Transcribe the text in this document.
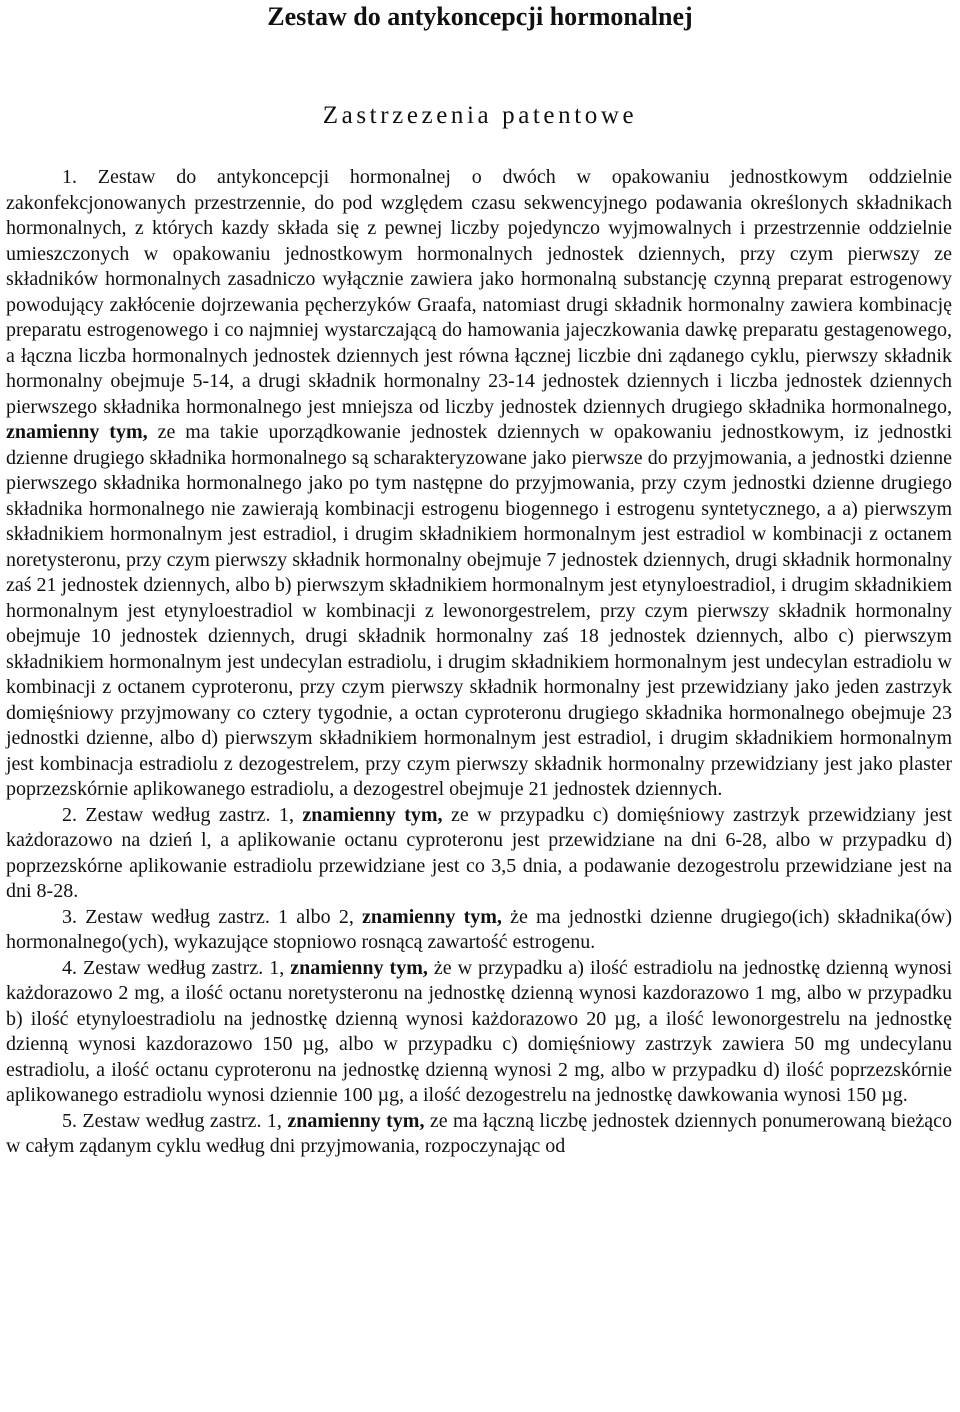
Zestaw do antykoncepcji hormonalnej
Zastrzezenia patentowe

1. Zestaw do antykoncepcji hormonalnej o dwóch w opakowaniu jednostkowym oddzielnie zakonfekcjonowanych przestrzennie, do pod względem czasu sekwencyjnego podawania określonych składnikach hormonalnych, z których kazdy składa się z pewnej liczby pojedynczo wyjmowalnych i przestrzennie oddzielnie umieszczonych w opakowaniu jednostkowym hormonalnych jednostek dziennych, przy czym pierwszy ze składników hormonalnych zasadniczo wyłącznie zawiera jako hormonalną substancję czynną preparat estrogenowy powodujący zakłócenie dojrzewania pęcherzyków Graafa, natomiast drugi składnik hormonalny zawiera kombinację preparatu estrogenowego i co najmniej wystarczającą do hamowania jajeczkowania dawkę preparatu gestagenowego, a łączna liczba hormonalnych jednostek dziennych jest równa łącznej liczbie dni ządanego cyklu, pierwszy składnik hormonalny obejmuje 5-14, a drugi składnik hormonalny 23-14 jednostek dziennych i liczba jednostek dziennych pierwszego składnika hormonalnego jest mniejsza od liczby jednostek dziennych drugiego składnika hormonalnego, znamienny tym, ze ma takie uporządkowanie jednostek dziennych w opakowaniu jednostkowym, iz jednostki dzienne drugiego składnika hormonalnego są scharakteryzowane jako pierwsze do przyjmowania, a jednostki dzienne pierwszego składnika hormonalnego jako po tym następne do przyjmowania, przy czym jednostki dzienne drugiego składnika hormonalnego nie zawierają kombinacji estrogenu biogennego i estrogenu syntetycznego, a a) pierwszym składnikiem hormonalnym jest estradiol, i drugim składnikiem hormonalnym jest estradiol w kombinacji z octanem noretysteronu, przy czym pierwszy składnik hormonalny obejmuje 7 jednostek dziennych, drugi składnik hormonalny zaś 21 jednostek dziennych, albo b) pierwszym składnikiem hormonalnym jest etynyloestradiol, i drugim składnikiem hormonalnym jest etynyloestradiol w kombinacji z lewonorgestrelem, przy czym pierwszy składnik hormonalny obejmuje 10 jednostek dziennych, drugi składnik hormonalny zaś 18 jednostek dziennych, albo c) pierwszym składnikiem hormonalnym jest undecylan estradiolu, i drugim składnikiem hormonalnym jest undecylan estradiolu w kombinacji z octanem cyproteronu, przy czym pierwszy składnik hormonalny jest przewidziany jako jeden zastrzyk domięśniowy przyjmowany co cztery tygodnie, a octan cyproteronu drugiego składnika hormonalnego obejmuje 23 jednostki dzienne, albo d) pierwszym składnikiem hormonalnym jest estradiol, i drugim składnikiem hormonalnym jest kombinacja estradiolu z dezogestrelem, przy czym pierwszy składnik hormonalny przewidziany jest jako plaster poprzezskórnie aplikowanego estradiolu, a dezogestrel obejmuje 21 jednostek dziennych.

2. Zestaw według zastrz. 1, znamienny tym, ze w przypadku c) domięśniowy zastrzyk przewidziany jest każdorazowo na dzień l, a aplikowanie octanu cyproteronu jest przewidziane na dni 6-28, albo w przypadku d) poprzezskórne aplikowanie estradiolu przewidziane jest co 3,5 dnia, a podawanie dezogestrolu przewidziane jest na dni 8-28.

3. Zestaw według zastrz. 1 albo 2, znamienny tym, że ma jednostki dzienne drugiego(ich) składnika(ów) hormonalnego(ych), wykazujące stopniowo rosnącą zawartość estrogenu.

4. Zestaw według zastrz. 1, znamienny tym, że w przypadku a) ilość estradiolu na jednostkę dzienną wynosi każdorazowo 2 mg, a ilość octanu noretysteronu na jednostkę dzienną wynosi kazdorazowo 1 mg, albo w przypadku b) ilość etynyloestradiolu na jednostkę dzienną wynosi każdorazowo 20 µg, a ilość lewonorgestrelu na jednostkę dzienną wynosi kazdorazowo 150 µg, albo w przypadku c) domięśniowy zastrzyk zawiera 50 mg undecylanu estradiolu, a ilość octanu cyproteronu na jednostkę dzienną wynosi 2 mg, albo w przypadku d) ilość poprzezskórnie aplikowanego estradiolu wynosi dziennie 100 µg, a ilość dezogestrelu na jednostkę dawkowania wynosi 150 µg.

5. Zestaw według zastrz. 1, znamienny tym, ze ma łączną liczbę jednostek dziennych ponumerowaną bieżąco w całym ządanym cyklu według dni przyjmowania, rozpoczynając od
